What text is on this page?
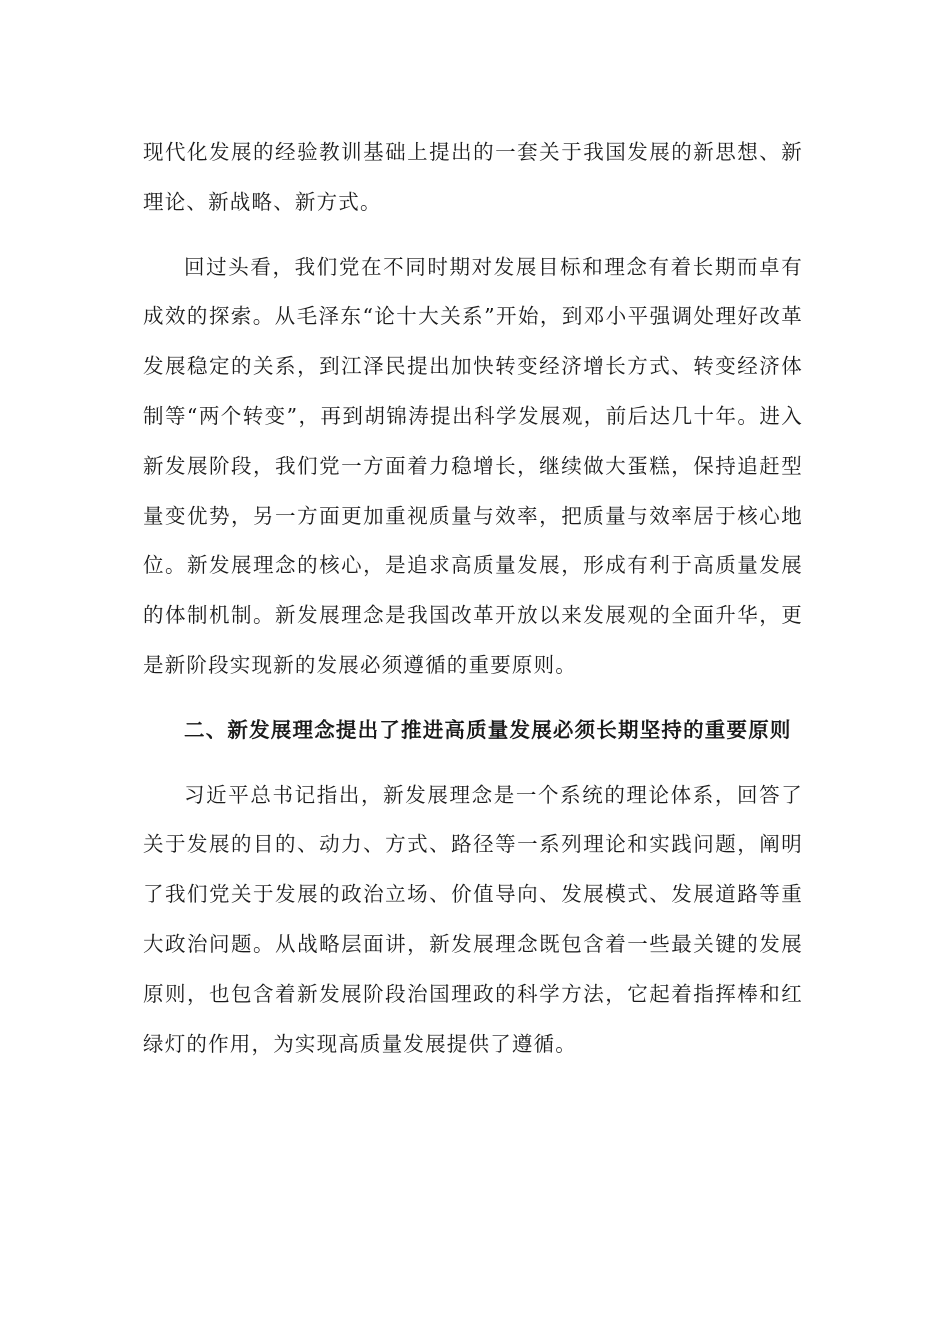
现代化发展的经验教训基础上提出的一套关于我国发展的新思想、新理论、新战略、新方式。

回过头看，我们党在不同时期对发展目标和理念有着长期而卓有成效的探索。从毛泽东“论十大关系”开始，到邓小平强调处理好改革发展稳定的关系，到江泽民提出加快转变经济增长方式、转变经济体制等“两个转变”，再到胡锦涛提出科学发展观，前后达几十年。进入新发展阶段，我们党一方面着力稳增长，继续做大蛋糕，保持追赶型量变优势，另一方面更加重视质量与效率，把质量与效率居于核心地位。新发展理念的核心，是追求高质量发展，形成有利于高质量发展的体制机制。新发展理念是我国改革开放以来发展观的全面升华，更是新阶段实现新的发展必须遵循的重要原则。

二、新发展理念提出了推进高质量发展必须长期坚持的重要原则

习近平总书记指出，新发展理念是一个系统的理论体系，回答了关于发展的目的、动力、方式、路径等一系列理论和实践问题，阐明了我们党关于发展的政治立场、价值导向、发展模式、发展道路等重大政治问题。从战略层面讲，新发展理念既包含着一些最关键的发展原则，也包含着新发展阶段治国理政的科学方法，它起着指挥棒和红绿灯的作用，为实现高质量发展提供了遵循。
